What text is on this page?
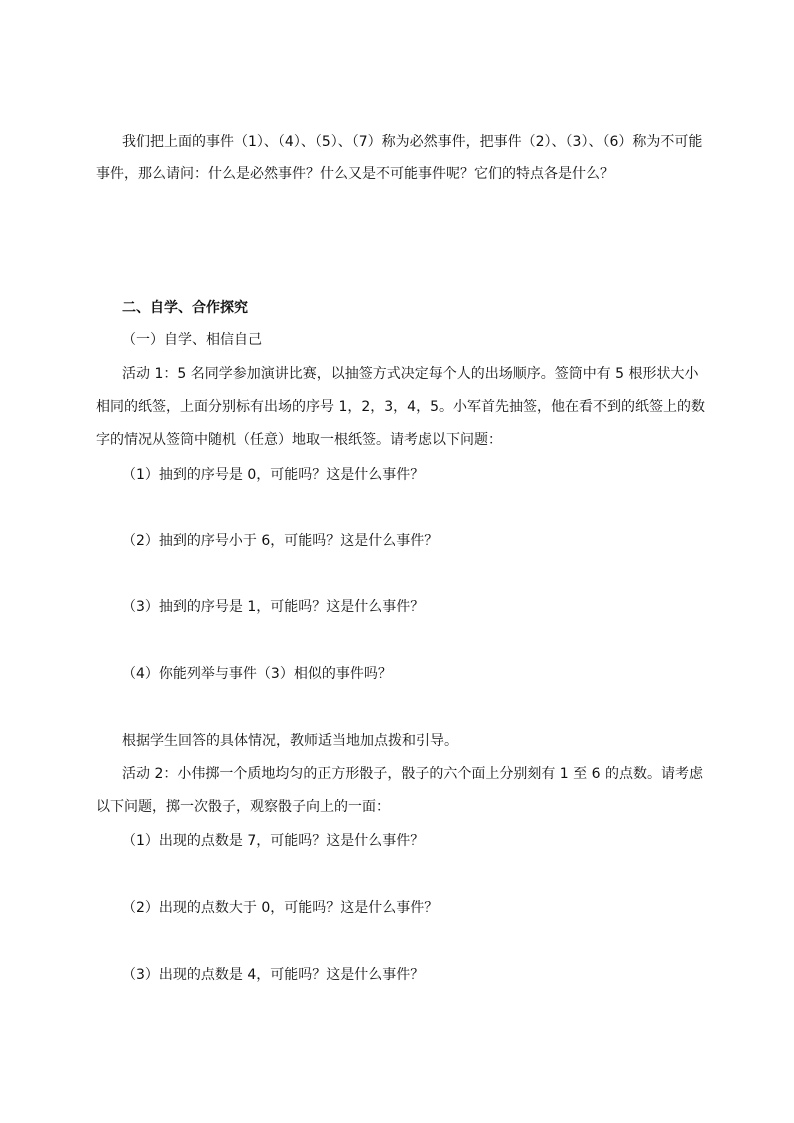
我们把上面的事件（1）、（4）、（5）、（7）称为必然事件，把事件（2）、（3）、（6）称为不可能

事件，那么请问：什么是必然事件？什么又是不可能事件呢？它们的特点各是什么？

二、自学、合作探究

（一）自学、相信自己

活动 1：5 名同学参加演讲比赛，以抽签方式决定每个人的出场顺序。签筒中有 5 根形状大小

相同的纸签，上面分别标有出场的序号 1，2，3，4，5。小军首先抽签，他在看不到的纸签上的数

字的情况从签筒中随机（任意）地取一根纸签。请考虑以下问题：

（1）抽到的序号是 0，可能吗？这是什么事件？

（2）抽到的序号小于 6，可能吗？这是什么事件？

（3）抽到的序号是 1，可能吗？这是什么事件？

（4）你能列举与事件（3）相似的事件吗？

根据学生回答的具体情况，教师适当地加点拨和引导。

活动 2：小伟掷一个质地均匀的正方形骰子，骰子的六个面上分别刻有 1 至 6 的点数。请考虑

以下问题，掷一次骰子，观察骰子向上的一面：

（1）出现的点数是 7，可能吗？这是什么事件？

（2）出现的点数大于 0，可能吗？这是什么事件？

（3）出现的点数是 4，可能吗？这是什么事件？
